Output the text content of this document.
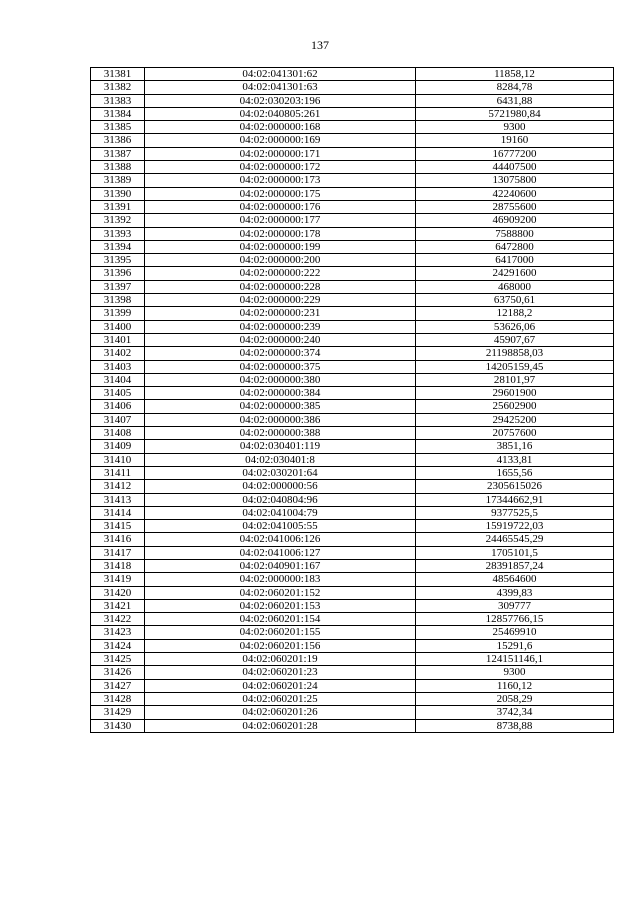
137
31381	04:02:041301:62	11858,12
31382	04:02:041301:63	8284,78
31383	04:02:030203:196	6431,88
31384	04:02:040805:261	5721980,84
31385	04:02:000000:168	9300
31386	04:02:000000:169	19160
31387	04:02:000000:171	16777200
31388	04:02:000000:172	44407500
31389	04:02:000000:173	13075800
31390	04:02:000000:175	42240600
31391	04:02:000000:176	28755600
31392	04:02:000000:177	46909200
31393	04:02:000000:178	7588800
31394	04:02:000000:199	6472800
31395	04:02:000000:200	6417000
31396	04:02:000000:222	24291600
31397	04:02:000000:228	468000
31398	04:02:000000:229	63750,61
31399	04:02:000000:231	12188,2
31400	04:02:000000:239	53626,06
31401	04:02:000000:240	45907,67
31402	04:02:000000:374	21198858,03
31403	04:02:000000:375	14205159,45
31404	04:02:000000:380	28101,97
31405	04:02:000000:384	29601900
31406	04:02:000000:385	25602900
31407	04:02:000000:386	29425200
31408	04:02:000000:388	20757600
31409	04:02:030401:119	3851,16
31410	04:02:030401:8	4133,81
31411	04:02:030201:64	1655,56
31412	04:02:000000:56	2305615026
31413	04:02:040804:96	17344662,91
31414	04:02:041004:79	9377525,5
31415	04:02:041005:55	15919722,03
31416	04:02:041006:126	24465545,29
31417	04:02:041006:127	1705101,5
31418	04:02:040901:167	28391857,24
31419	04:02:000000:183	48564600
31420	04:02:060201:152	4399,83
31421	04:02:060201:153	309777
31422	04:02:060201:154	12857766,15
31423	04:02:060201:155	25469910
31424	04:02:060201:156	15291,6
31425	04:02:060201:19	124151146,1
31426	04:02:060201:23	9300
31427	04:02:060201:24	1160,12
31428	04:02:060201:25	2058,29
31429	04:02:060201:26	3742,34
31430	04:02:060201:28	8738,88
